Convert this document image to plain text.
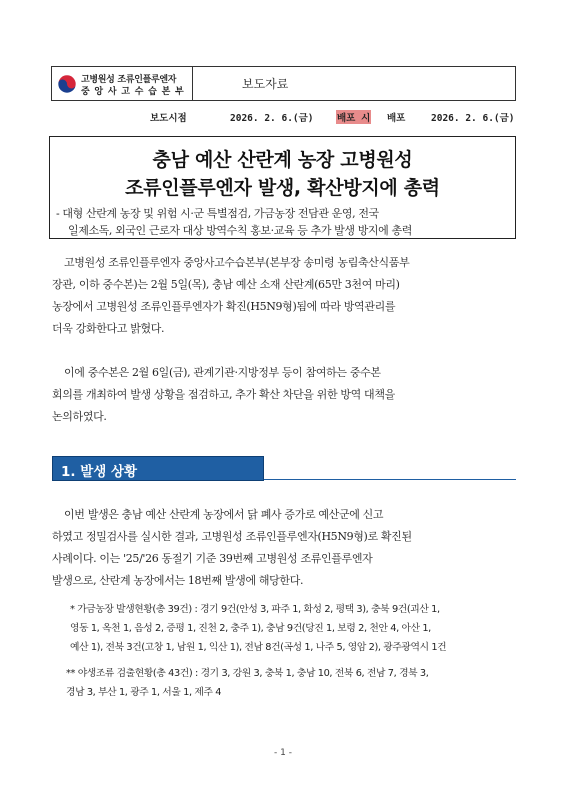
고병원성 조류인플루엔자
중 앙 사 고 수 습 본 부
보도자료
보도시점	2026. 2. 6.(금) 배포 시 배포	2026. 2. 6.(금)
충남 예산 산란계 농장 고병원성
조류인플루엔자 발생, 확산방지에 총력
- 대형 산란계 농장 및 위험 시·군 특별점검, 가금농장 전담관 운영, 전국
일제소독, 외국인 근로자 대상 방역수칙 홍보·교육 등 추가 발생 방지에 총력
고병원성 조류인플루엔자 중앙사고수습본부(본부장 송미령 농림축산식품부
장관, 이하 중수본)는 2월 5일(목), 충남 예산 소재 산란계(65만 3천여 마리)
농장에서 고병원성 조류인플루엔자가 확진(H5N9형)됨에 따라 방역관리를
더욱 강화한다고 밝혔다.
이에 중수본은 2월 6일(금), 관계기관·지방정부 등이 참여하는 중수본
회의를 개최하여 발생 상황을 점검하고, 추가 확산 차단을 위한 방역 대책을
논의하였다.
1. 발생 상황
이번 발생은 충남 예산 산란계 농장에서 닭 폐사 증가로 예산군에 신고
하였고 정밀검사를 실시한 결과, 고병원성 조류인플루엔자(H5N9형)로 확진된
사례이다. 이는 '25/'26 동절기 기준 39번째 고병원성 조류인플루엔자
발생으로, 산란계 농장에서는 18번째 발생에 해당한다.
* 가금농장 발생현황(총 39건) : 경기 9건(안성 3, 파주 1, 화성 2, 평택 3), 충북 9건(괴산 1,
영동 1, 옥천 1, 음성 2, 증평 1, 진천 2, 충주 1), 충남 9건(당진 1, 보령 2, 천안 4, 아산 1,
예산 1), 전북 3건(고창 1, 남원 1, 익산 1), 전남 8건(곡성 1, 나주 5, 영암 2), 광주광역시 1건
** 야생조류 검출현황(총 43건) : 경기 3, 강원 3, 충북 1, 충남 10, 전북 6, 전남 7, 경북 3,
경남 3, 부산 1, 광주 1, 서울 1, 제주 4
- 1 -
